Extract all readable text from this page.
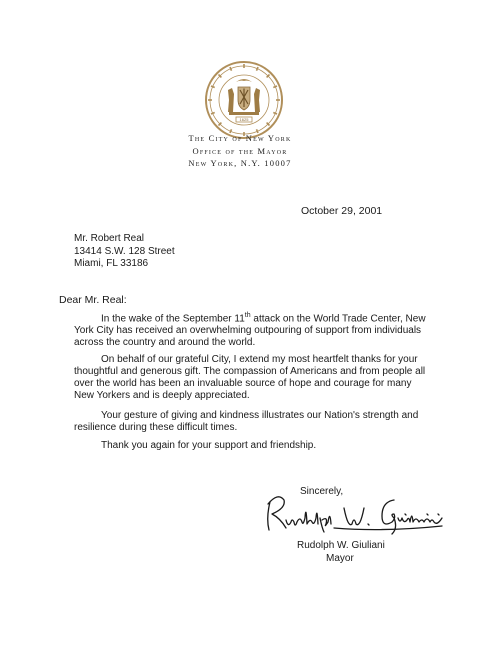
1625
The City of New York
Office of the Mayor
New York, N.Y. 10007
October 29, 2001
Mr. Robert Real
13414 S.W. 128 Street
Miami, FL 33186
Dear Mr. Real:

In the wake of the September 11th attack on the World Trade Center, New York City has received an overwhelming outpouring of support from individuals across the country and around the world.

On behalf of our grateful City, I extend my most heartfelt thanks for your thoughtful and generous gift. The compassion of Americans and from people all over the world has been an invaluable source of hope and courage for many New Yorkers and is deeply appreciated.

Your gesture of giving and kindness illustrates our Nation's strength and resilience during these difficult times.

Thank you again for your support and friendship.

Sincerely,
Rudolph W. Giuliani
Mayor
